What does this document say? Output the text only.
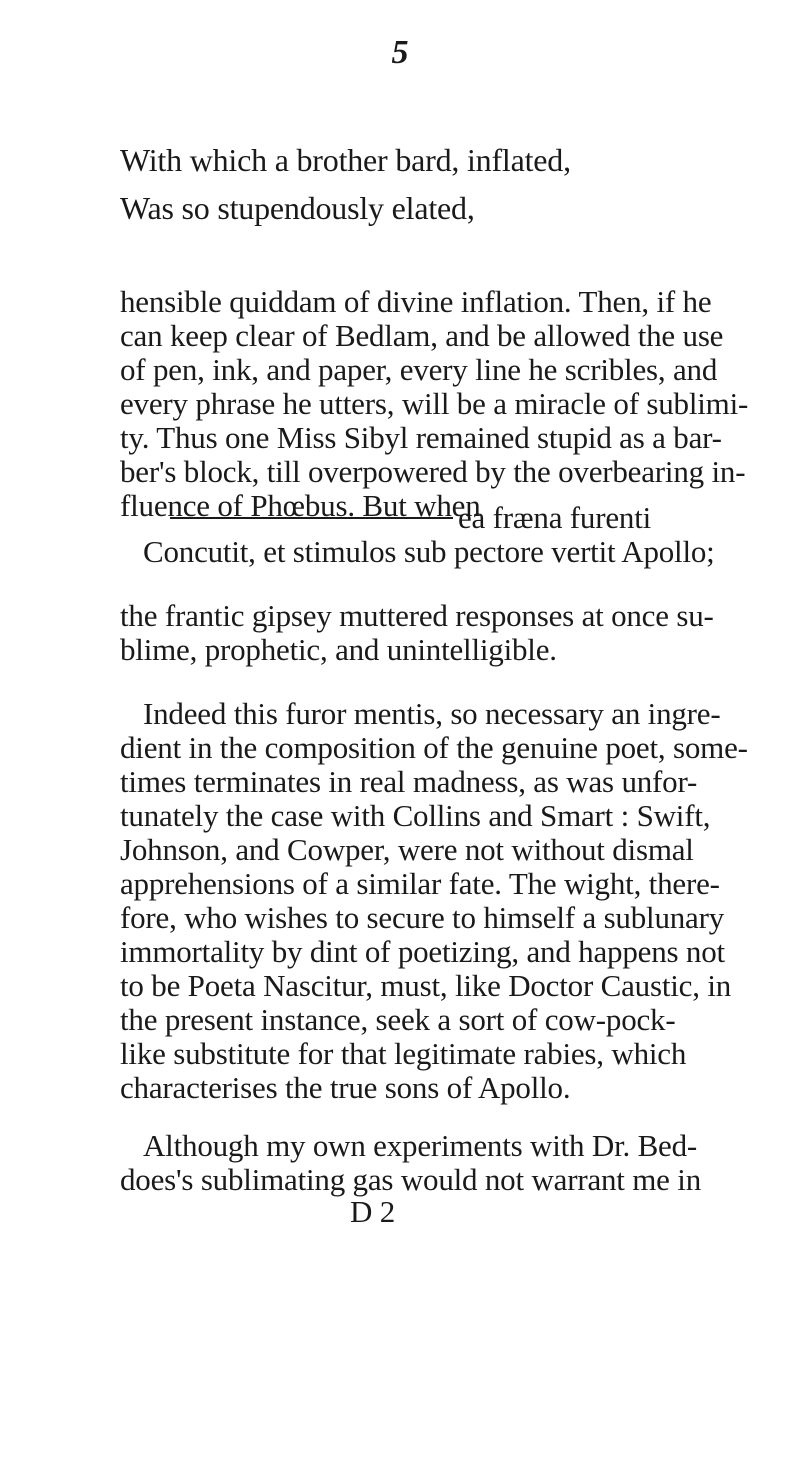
5
With which a brother bard, inflated,
Was so stupendously elated,
hensible quiddam of divine inflation. Then, if he
can keep clear of Bedlam, and be allowed the use
of pen, ink, and paper, every line he scribles, and
every phrase he utters, will be a miracle of sublimi-
ty. Thus one Miss Sibyl remained stupid as a bar-
ber's block, till overpowered by the overbearing in-
fluence of Phœbus. But when
ea fræna furenti
Concutit, et stimulos sub pectore vertit Apollo;
the frantic gipsey muttered responses at once su-
blime, prophetic, and unintelligible.
Indeed this furor mentis, so necessary an ingre-
dient in the composition of the genuine poet, some-
times terminates in real madness, as was unfor-
tunately the case with Collins and Smart : Swift,
Johnson, and Cowper, were not without dismal
apprehensions of a similar fate. The wight, there-
fore, who wishes to secure to himself a sublunary
immortality by dint of poetizing, and happens not
to be Poeta Nascitur, must, like Doctor Caustic, in
the present instance, seek a sort of cow-pock-
like substitute for that legitimate rabies, which
characterises the true sons of Apollo.
Although my own experiments with Dr. Bed-
does's sublimating gas would not warrant me in
D 2
